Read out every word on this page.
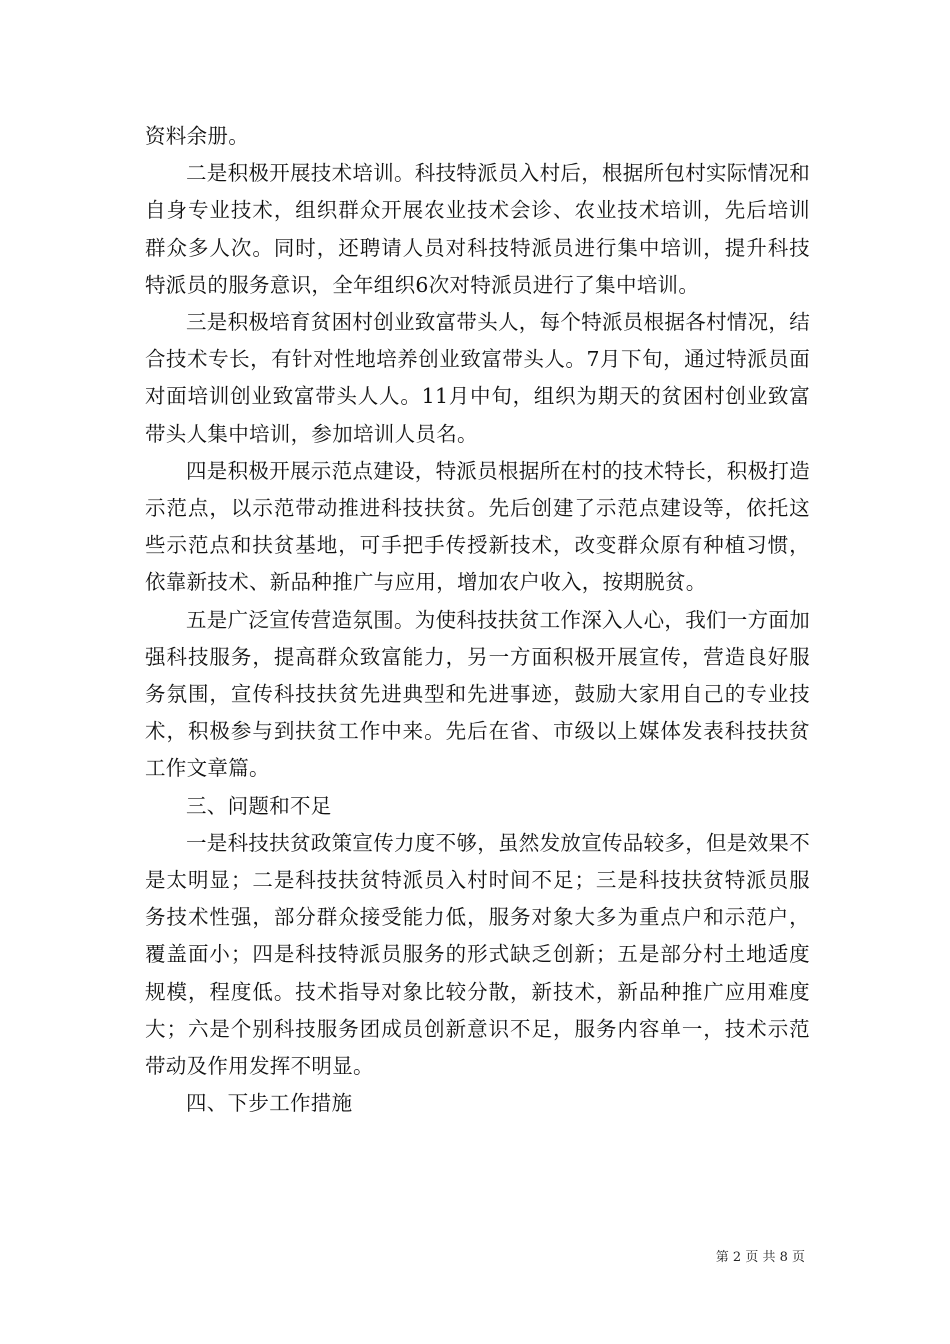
资料余册。

二是积极开展技术培训。科技特派员入村后，根据所包村实际情况和自身专业技术，组织群众开展农业技术会诊、农业技术培训，先后培训群众多人次。同时，还聘请人员对科技特派员进行集中培训，提升科技特派员的服务意识，全年组织6次对特派员进行了集中培训。

三是积极培育贫困村创业致富带头人，每个特派员根据各村情况，结合技术专长，有针对性地培养创业致富带头人。7月下旬，通过特派员面对面培训创业致富带头人人。11月中旬，组织为期天的贫困村创业致富带头人集中培训，参加培训人员名。

四是积极开展示范点建设，特派员根据所在村的技术特长，积极打造示范点，以示范带动推进科技扶贫。先后创建了示范点建设等，依托这些示范点和扶贫基地，可手把手传授新技术，改变群众原有种植习惯，依靠新技术、新品种推广与应用，增加农户收入，按期脱贫。

五是广泛宣传营造氛围。为使科技扶贫工作深入人心，我们一方面加强科技服务，提高群众致富能力，另一方面积极开展宣传，营造良好服务氛围，宣传科技扶贫先进典型和先进事迹，鼓励大家用自己的专业技术，积极参与到扶贫工作中来。先后在省、市级以上媒体发表科技扶贫工作文章篇。

三、问题和不足

一是科技扶贫政策宣传力度不够，虽然发放宣传品较多，但是效果不是太明显；二是科技扶贫特派员入村时间不足；三是科技扶贫特派员服务技术性强，部分群众接受能力低，服务对象大多为重点户和示范户，覆盖面小；四是科技特派员服务的形式缺乏创新；五是部分村土地适度规模，程度低。技术指导对象比较分散，新技术，新品种推广应用难度大；六是个别科技服务团成员创新意识不足，服务内容单一，技术示范带动及作用发挥不明显。

四、下步工作措施

第 2 页 共 8 页
